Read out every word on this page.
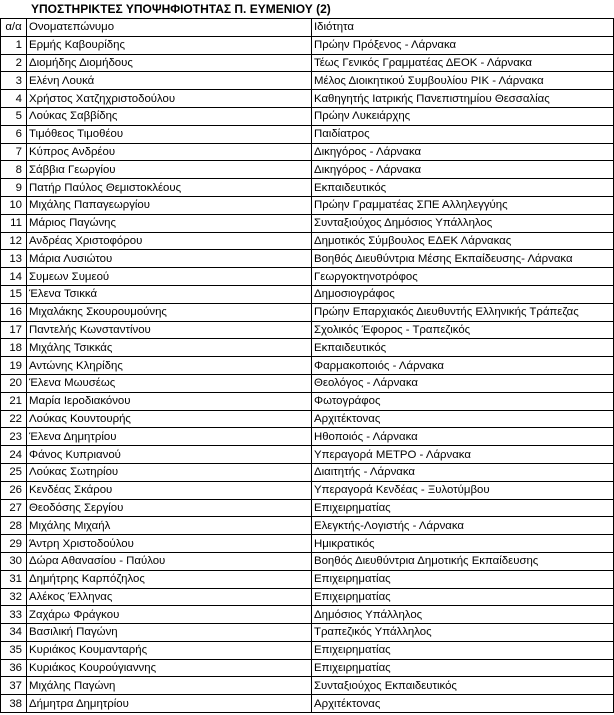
ΥΠΟΣΤΗΡΙΚΤΕΣ ΥΠΟΨΗΦΙΟΤΗΤΑΣ Π. ΕΥΜΕΝΙΟΥ (2)
α/α	Ονοματεπώνυμο	Ιδιότητα
1	Ερμής Καβουρίδης	Πρώην Πρόξενος - Λάρνακα
2	Διομήδης Διομήδους	Τέως Γενικός Γραμματέας ΔΕΟΚ - Λάρνακα
3	Ελένη Λουκά	Μέλος Διοικητικού Συμβουλίου ΡΙΚ - Λάρνακα
4	Χρήστος Χατζηχριστοδούλου	Καθηγητής Ιατρικής Πανεπιστημίου Θεσσαλίας
5	Λούκας Σαββίδης	Πρώην Λυκειάρχης
6	Τιμόθεος Τιμοθέου	Παιδίατρος
7	Κύπρος Ανδρέου	Δικηγόρος - Λάρνακα
8	Σάββια Γεωργίου	Δικηγόρος - Λάρνακα
9	Πατήρ Παύλος Θεμιστοκλέους	Εκπαιδευτικός
10	Μιχάλης Παπαγεωργίου	Πρώην Γραμματέας ΣΠΕ Αλληλεγγύης
11	Μάριος Παγώνης	Συνταξιούχος Δημόσιος Υπάλληλος
12	Ανδρέας Χριστοφόρου	Δημοτικός Σύμβουλος ΕΔΕΚ Λάρνακας
13	Μάρια Λυσιώτου	Βοηθός Διευθύντρια Μέσης Εκπαίδευσης- Λάρνακα
14	Συμεων Συμεού	Γεωργοκτηνοτρόφος
15	Έλενα Τσικκά	Δημοσιογράφος
16	Μιχαλάκης Σκουρουμούνης	Πρώην Επαρχιακός Διευθυντής Ελληνικής Τράπεζας
17	Παντελής Κωνσταντίνου	Σχολικός Έφορος - Τραπεζικός
18	Μιχάλης Τσικκάς	Εκπαιδευτικός
19	Αντώνης Κληρίδης	Φαρμακοποιός - Λάρνακα
20	Έλενα Μωυσέως	Θεολόγος - Λάρνακα
21	Μαρία Ιεροδιακόνου	Φωτογράφος
22	Λούκας Κουντουρής	Αρχιτέκτονας
23	Έλενα Δημητρίου	Ηθοποιός - Λάρνακα
24	Φάνος Κυπριανού	Υπεραγορά ΜΕΤΡΟ - Λάρνακα
25	Λούκας Σωτηρίου	Διαιτητής - Λάρνακα
26	Κενδέας Σκάρου	Υπεραγορά Κενδέας - Ξυλοτύμβου
27	Θεοδόσης Σεργίου	Επιχειρηματίας
28	Μιχάλης Μιχαήλ	Ελεγκτής-Λογιστής - Λάρνακα
29	Άντρη Χριστοδούλου	Ημικρατικός
30	Δώρα Αθανασίου - Παύλου	Βοηθός Διευθύντρια Δημοτικής Εκπαίδευσης
31	Δημήτρης Καρπόζηλος	Επιχειρηματίας
32	Αλέκος Έλληνας	Επιχειρηματίας
33	Ζαχάρω Φράγκου	Δημόσιος Υπάλληλος
34	Βασιλική Παγώνη	Τραπεζικός Υπάλληλος
35	Κυριάκος Κουμανταρής	Επιχειρηματίας
36	Κυριάκος Κουρούγιαννης	Επιχειρηματίας
37	Μιχάλης Παγώνη	Συνταξιούχος Εκπαιδευτικός
38	Δήμητρα Δημητρίου	Αρχιτέκτονας
